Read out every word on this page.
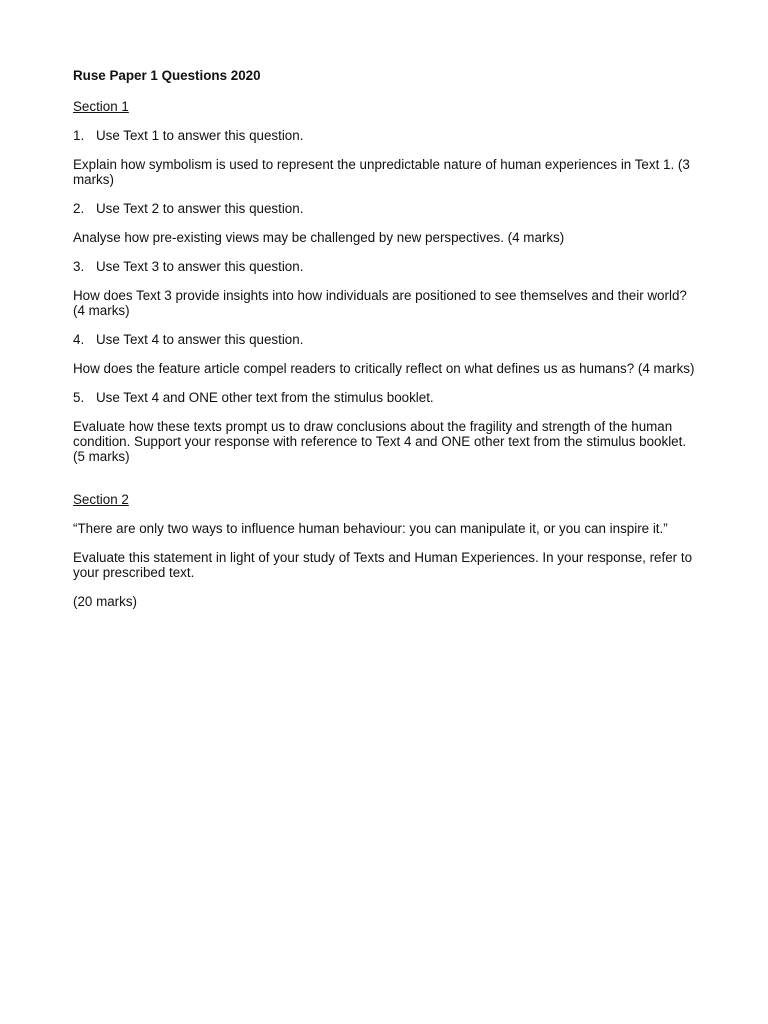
Ruse Paper 1 Questions 2020
Section 1
1. Use Text 1 to answer this question.
Explain how symbolism is used to represent the unpredictable nature of human experiences in Text 1. (3 marks)
2. Use Text 2 to answer this question.
Analyse how pre-existing views may be challenged by new perspectives. (4 marks)
3. Use Text 3 to answer this question.
How does Text 3 provide insights into how individuals are positioned to see themselves and their world? (4 marks)
4. Use Text 4 to answer this question.
How does the feature article compel readers to critically reflect on what defines us as humans? (4 marks)
5. Use Text 4 and ONE other text from the stimulus booklet.
Evaluate how these texts prompt us to draw conclusions about the fragility and strength of the human condition. Support your response with reference to Text 4 and ONE other text from the stimulus booklet. (5 marks)
Section 2
“There are only two ways to influence human behaviour: you can manipulate it, or you can inspire it.”
Evaluate this statement in light of your study of Texts and Human Experiences. In your response, refer to your prescribed text.
(20 marks)
